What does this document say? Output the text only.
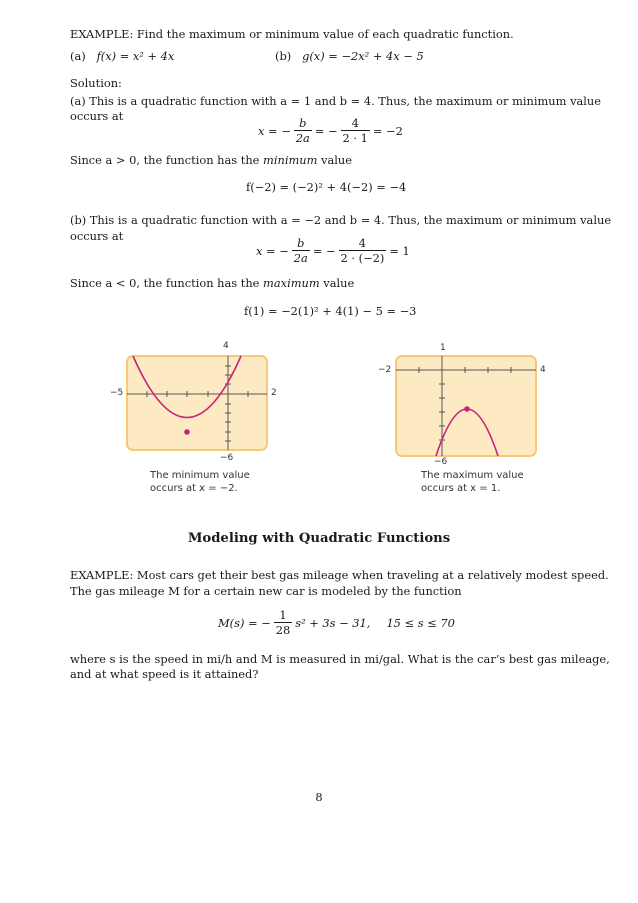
EXAMPLE: Find the maximum or minimum value of each quadratic function.
(a) f(x) = x² + 4x	(b) g(x) = −2x² + 4x − 5
Solution:
(a) This is a quadratic function with a = 1 and b = 4. Thus, the maximum or minimum value
occurs at
x = − $\frac{b}{2a}$ = − $\frac{4}{2 \cdot 1} = -2$
Since a > 0, the function has the minimum value
f(−2) = (−2)² + 4(−2) = −4
(b) This is a quadratic function with a = −2 and b = 4. Thus, the maximum or minimum value
occurs at
x = − $\frac{b}{2a}$ = − $\frac{4}{2 \cdot (-2)} = 1$
Since a < 0, the function has the maximum value
f(1) = −2(1)² + 4(1) − 5 = −3
4
−6
−5	2
The minimum value
occurs at x = −2.
1
−6
−2	4
The maximum value
occurs at x = 1.
Modeling with Quadratic Functions
EXAMPLE: Most cars get their best gas mileage when traveling at a relatively modest speed.
The gas mileage M for a certain new car is modeled by the function
M(s) = − $\frac{1}{28} s^2 + 3s - 31$, 15 ≤ s ≤ 70
where s is the speed in mi/h and M is measured in mi/gal. What is the car’s best gas mileage,
and at what speed is it attained?
8
